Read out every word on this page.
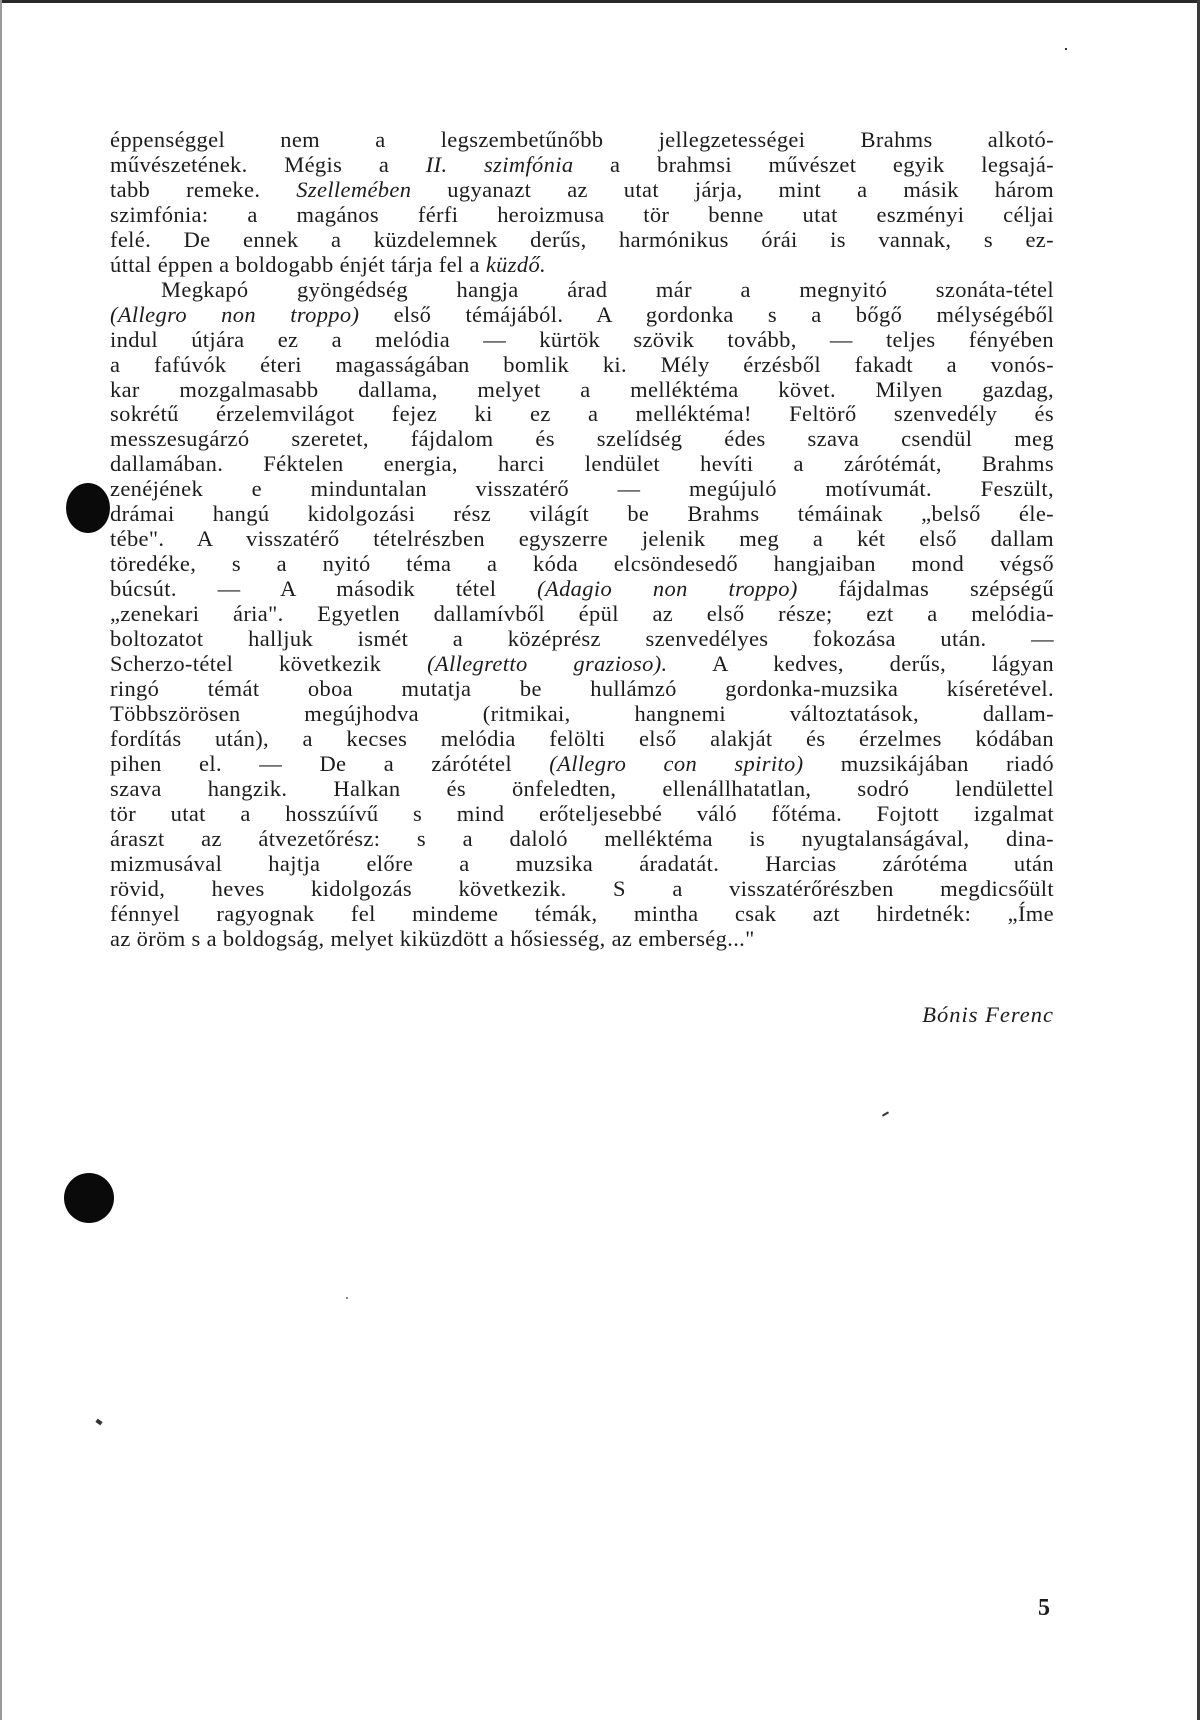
éppenséggel nem a legszembetűnőbb jellegzetességei Brahms alkotó-
művészetének. Mégis a II. szimfónia a brahmsi művészet egyik legsajá-
tabb remeke. Szellemében ugyanazt az utat járja, mint a másik három
szimfónia: a magános férfi heroizmusa tör benne utat eszményi céljai
felé. De ennek a küzdelemnek derűs, harmónikus órái is vannak, s ez-
úttal éppen a boldogabb énjét tárja fel a küzdő.

Megkapó gyöngédség hangja árad már a megnyitó szonáta-tétel
(Allegro non troppo) első témájából. A gordonka s a bőgő mélységéből
indul útjára ez a melódia — kürtök szövik tovább, — teljes fényében
a fafúvók éteri magasságában bomlik ki. Mély érzésből fakadt a vonós-
kar mozgalmasabb dallama, melyet a melléktéma követ. Milyen gazdag,
sokrétű érzelemvilágot fejez ki ez a melléktéma! Feltörő szenvedély és
messzesugárzó szeretet, fájdalom és szelídség édes szava csendül meg
dallamában. Féktelen energia, harci lendület hevíti a zárótémát, Brahms
zenéjének e minduntalan visszatérő — megújuló motívumát. Feszült,
drámai hangú kidolgozási rész világít be Brahms témáinak „belső éle-
tébe". A visszatérő tételrészben egyszerre jelenik meg a két első dallam
töredéke, s a nyitó téma a kóda elcsöndesedő hangjaiban mond végső
búcsút. — A második tétel (Adagio non troppo) fájdalmas szépségű
„zenekari ária". Egyetlen dallamívből épül az első része; ezt a melódia-
boltozatot halljuk ismét a középrész szenvedélyes fokozása után. —
Scherzo-tétel következik (Allegretto grazioso). A kedves, derűs, lágyan
ringó témát oboa mutatja be hullámzó gordonka-muzsika kíséretével.
Többszörösen megújhodva (ritmikai, hangnemi változtatások, dallam-
fordítás után), a kecses melódia felölti első alakját és érzelmes kódában
pihen el. — De a zárótétel (Allegro con spirito) muzsikájában riadó
szava hangzik. Halkan és önfeledten, ellenállhatatlan, sodró lendülettel
tör utat a hosszúívű s mind erőteljesebbé váló főtéma. Fojtott izgalmat
áraszt az átvezetőrész: s a daloló melléktéma is nyugtalanságával, dina-
mizmusával hajtja előre a muzsika áradatát. Harcias zárótéma után
rövid, heves kidolgozás következik. S a visszatérőrészben megdicsőült
fénnyel ragyognak fel mindeme témák, mintha csak azt hirdetnék: „Íme
az öröm s a boldogság, melyet kiküzdött a hősiesség, az emberség..."

Bónis Ferenc
5
